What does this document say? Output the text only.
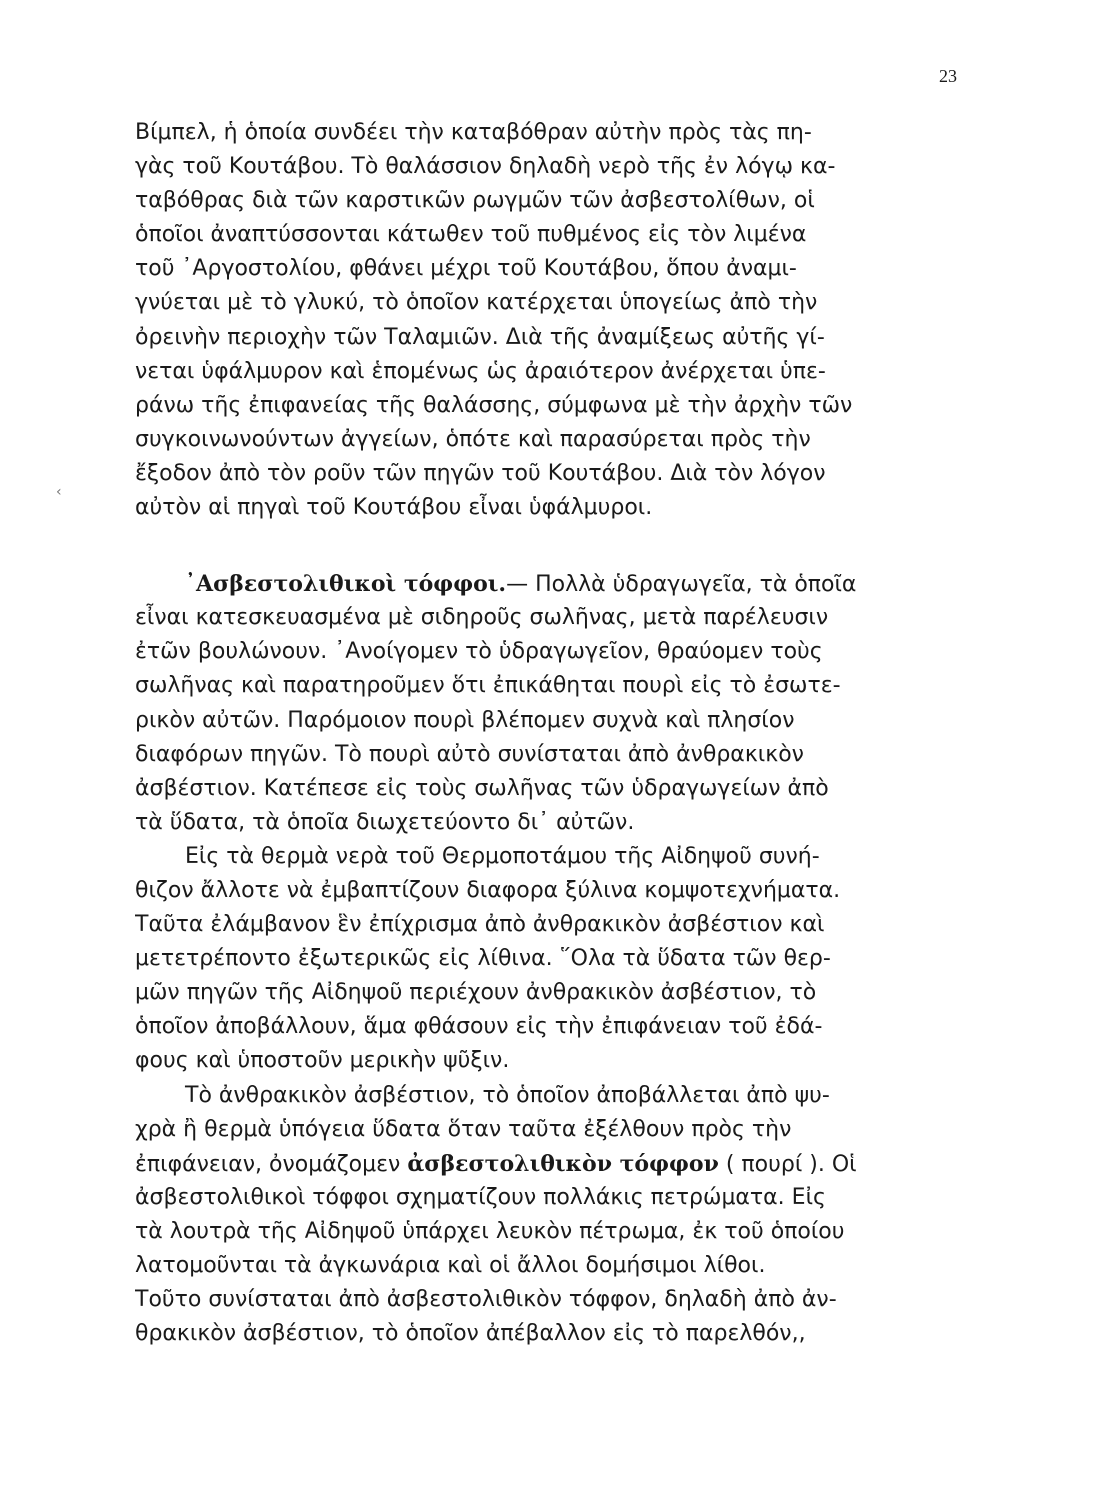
23
‹
Βίμπελ, ἡ ὁποία συνδέει τὴν καταβόθραν αὐτὴν πρὸς τὰς πη-
γὰς τοῦ Κουτάβου. Τὸ θαλάσσιον δηλαδὴ νερὸ τῆς ἐν λόγῳ κα-
ταβόθρας διὰ τῶν καρστικῶν ρωγμῶν τῶν ἀσβεστολίθων, οἱ
ὁποῖοι ἀναπτύσσονται κάτωθεν τοῦ πυθμένος εἰς τὸν λιμένα
τοῦ ᾿Αργοστολίου, φθάνει μέχρι τοῦ Κουτάβου, ὅπου ἀναμι-
γνύεται μὲ τὸ γλυκύ, τὸ ὁποῖον κατέρχεται ὑπογείως ἀπὸ τὴν
ὀρεινὴν περιοχὴν τῶν Ταλαμιῶν. Διὰ τῆς ἀναμίξεως αὐτῆς γί-
νεται ὑφάλμυρον καὶ ἑπομένως ὡς ἀραιότερον ἀνέρχεται ὑπε-
ράνω τῆς ἐπιφανείας τῆς θαλάσσης, σύμφωνα μὲ τὴν ἀρχὴν τῶν
συγκοινωνούντων ἀγγείων, ὁπότε καὶ παρασύρεται πρὸς τὴν
ἔξοδον ἀπὸ τὸν ροῦν τῶν πηγῶν τοῦ Κουτάβου. Διὰ τὸν λόγον
αὐτὸν αἱ πηγαὶ τοῦ Κουτάβου εἶναι ὑφάλμυροι.
᾿Ασβεστολιθικοὶ τόφφοι.— Πολλὰ ὑδραγωγεῖα, τὰ ὁποῖα
εἶναι κατεσκευασμένα μὲ σιδηροῦς σωλῆνας, μετὰ παρέλευσιν
ἐτῶν βουλώνουν. ᾿Ανοίγομεν τὸ ὑδραγωγεῖον, θραύομεν τοὺς
σωλῆνας καὶ παρατηροῦμεν ὅτι ἐπικάθηται πουρὶ εἰς τὸ ἐσωτε-
ρικὸν αὐτῶν. Παρόμοιον πουρὶ βλέπομεν συχνὰ καὶ πλησίον
διαφόρων πηγῶν. Τὸ πουρὶ αὐτὸ συνίσταται ἀπὸ ἀνθρακικὸν
ἀσβέστιον. Κατέπεσε εἰς τοὺς σωλῆνας τῶν ὑδραγωγείων ἀπὸ
τὰ ὕδατα, τὰ ὁποῖα διωχετεύοντο δι᾿ αὐτῶν.
Εἰς τὰ θερμὰ νερὰ τοῦ Θερμοποτάμου τῆς Αἰδηψοῦ συνή-
θιζον ἄλλοτε νὰ ἐμβαπτίζουν διαφορα ξύλινα κομψοτεχνήματα.
Ταῦτα ἐλάμβανον ἓν ἐπίχρισμα ἀπὸ ἀνθρακικὸν ἀσβέστιον καὶ
μετετρέποντο ἐξωτερικῶς εἰς λίθινα. ῞Ολα τὰ ὕδατα τῶν θερ-
μῶν πηγῶν τῆς Αἰδηψοῦ περιέχουν ἀνθρακικὸν ἀσβέστιον, τὸ
ὁποῖον ἀποβάλλουν, ἅμα φθάσουν εἰς τὴν ἐπιφάνειαν τοῦ ἐδά-
φους καὶ ὑποστοῦν μερικὴν ψῦξιν.
Τὸ ἀνθρακικὸν ἀσβέστιον, τὸ ὁποῖον ἀποβάλλεται ἀπὸ ψυ-
χρὰ ἢ θερμὰ ὑπόγεια ὕδατα ὅταν ταῦτα ἐξέλθουν πρὸς τὴν
ἐπιφάνειαν, ὀνομάζομεν ἀσβεστολιθικὸν τόφφον ( πουρί ). Οἱ
ἀσβεστολιθικοὶ τόφφοι σχηματίζουν πολλάκις πετρώματα. Εἰς
τὰ λουτρὰ τῆς Αἰδηψοῦ ὑπάρχει λευκὸν πέτρωμα, ἐκ τοῦ ὁποίου
λατομοῦνται τὰ ἀγκωνάρια καὶ οἱ ἄλλοι δομήσιμοι λίθοι.
Τοῦτο συνίσταται ἀπὸ ἀσβεστολιθικὸν τόφφον, δηλαδὴ ἀπὸ ἀν-
θρακικὸν ἀσβέστιον, τὸ ὁποῖον ἀπέβαλλον εἰς τὸ παρελθόν,,
